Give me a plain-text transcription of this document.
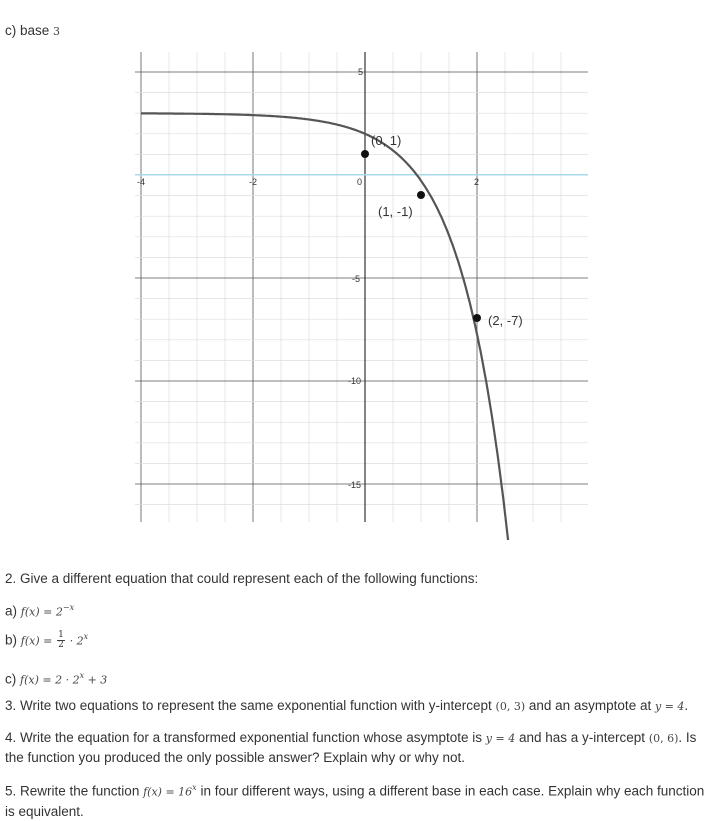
c) base 3
-4	-2	0	2
5
-5
-10
-15
(0, 1)
(1, -1)
(2, -7)
2. Give a different equation that could represent each of the following functions:
a) $f(x) = 2^{-x}$
b) $f(x) = \frac{1}{2} \cdot 2^x$
c) $f(x) = 2 \cdot 2^x + 3$
3. Write two equations to represent the same exponential function with y-intercept (0, 3) and an asymptote at y = 4.
4. Write the equation for a transformed exponential function whose asymptote is y = 4 and has a y-intercept (0, 6). Is the function you produced the only possible answer? Explain why or why not.
5. Rewrite the function $f(x) = 16^x$ in four different ways, using a different base in each case. Explain why each function is equivalent.
